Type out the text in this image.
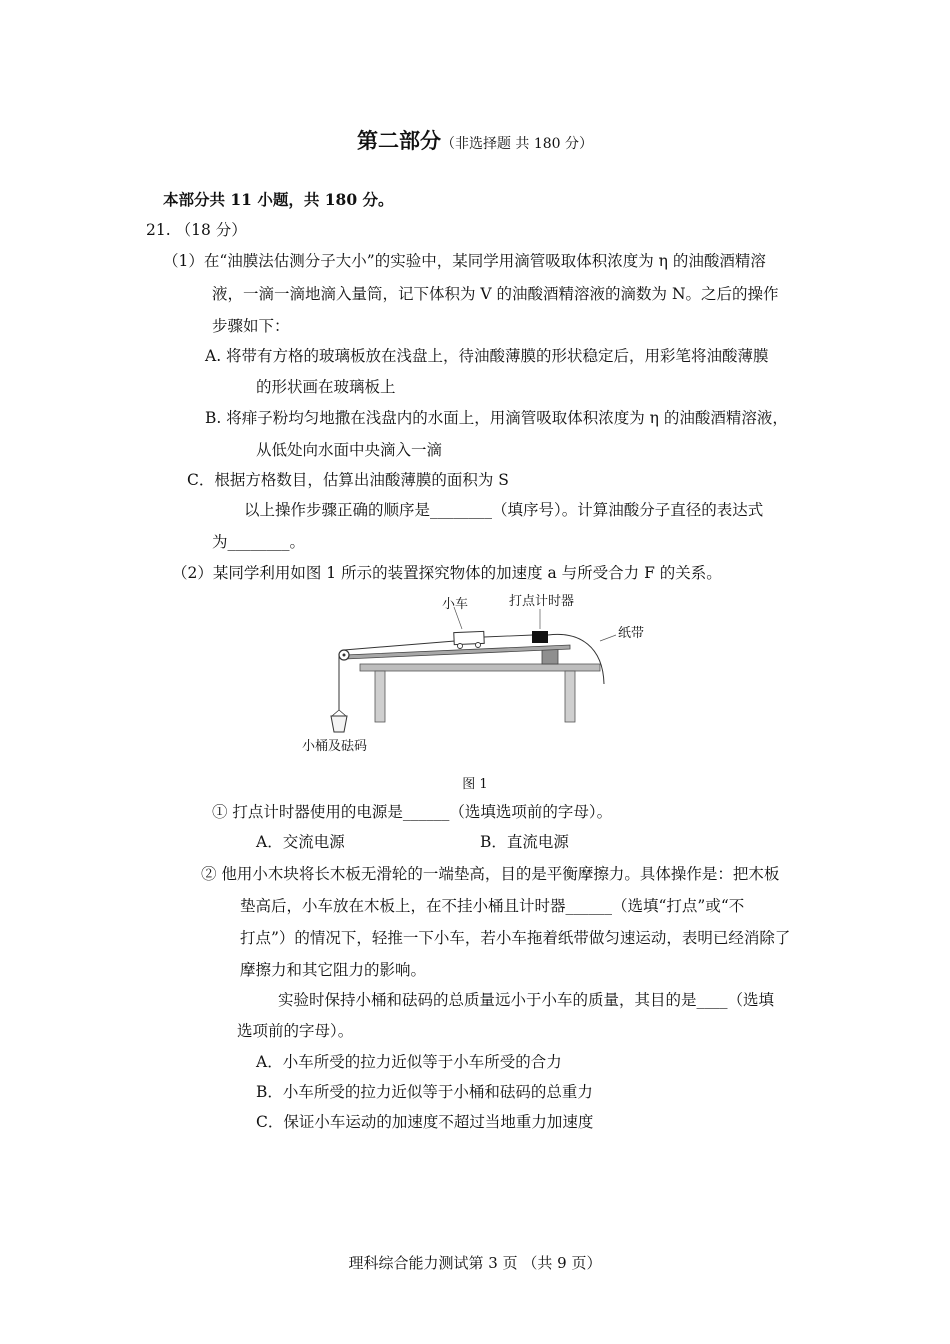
第二部分（非选择题 共 180 分）
本部分共 11 小题，共 180 分。
21. （18 分）
（1）在“油膜法估测分子大小”的实验中，某同学用滴管吸取体积浓度为 η 的油酸酒精溶
液，一滴一滴地滴入量筒，记下体积为 V 的油酸酒精溶液的滴数为 N。之后的操作
步骤如下：
A. 将带有方格的玻璃板放在浅盘上，待油酸薄膜的形状稳定后，用彩笔将油酸薄膜
的形状画在玻璃板上
B. 将痱子粉均匀地撒在浅盘内的水面上，用滴管吸取体积浓度为 η 的油酸酒精溶液，
从低处向水面中央滴入一滴
C．根据方格数目，估算出油酸薄膜的面积为 S
以上操作步骤正确的顺序是________（填序号）。计算油酸分子直径的表达式
为________。
（2）某同学利用如图 1 所示的装置探究物体的加速度 a 与所受合力 F 的关系。
小车	打点计时器
纸带
小桶及砝码
图 1
① 打点计时器使用的电源是______（选填选项前的字母）。
A．交流电源	B．直流电源
② 他用小木块将长木板无滑轮的一端垫高，目的是平衡摩擦力。具体操作是：把木板
垫高后，小车放在木板上，在不挂小桶且计时器______（选填“打点”或“不
打点”）的情况下，轻推一下小车，若小车拖着纸带做匀速运动，表明已经消除了
摩擦力和其它阻力的影响。
实验时保持小桶和砝码的总质量远小于小车的质量，其目的是____（选填
选项前的字母）。
A．小车所受的拉力近似等于小车所受的合力
B．小车所受的拉力近似等于小桶和砝码的总重力
C．保证小车运动的加速度不超过当地重力加速度
理科综合能力测试第 3 页 （共 9 页）
